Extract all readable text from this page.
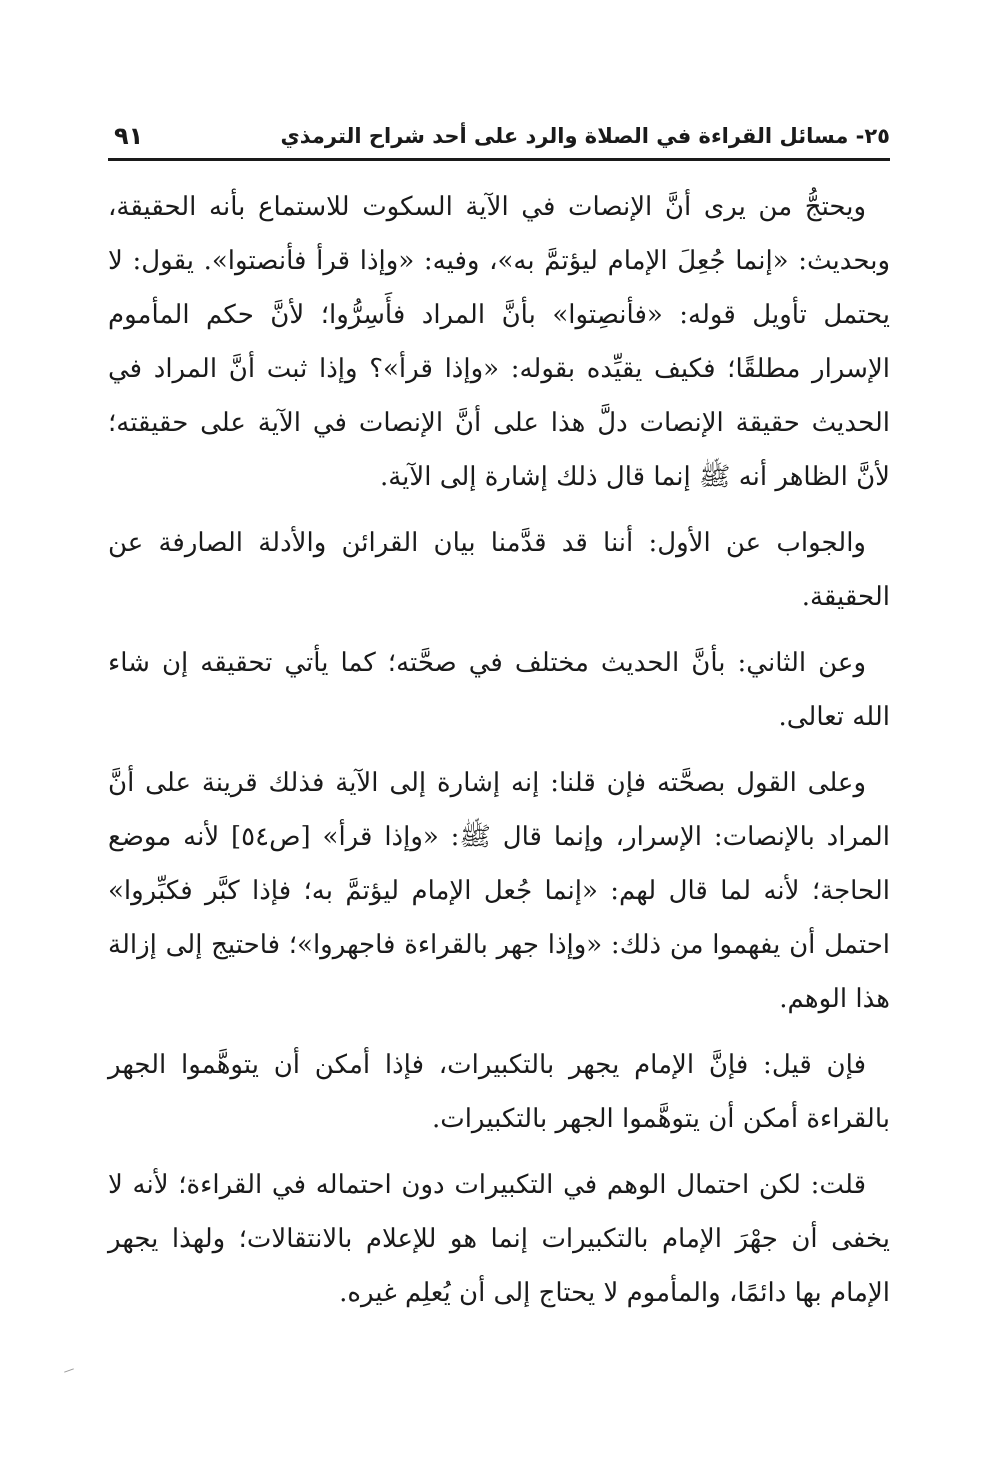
٢٥- مسائل القراءة في الصلاة والرد على أحد شراح الترمذي
٩١

ويحتجُّ من يرى أنَّ الإنصات في الآية السكوت للاستماع بأنه الحقيقة، وبحديث: «إنما جُعِلَ الإمام ليؤتمَّ به»، وفيه: «وإذا قرأ فأنصتوا». يقول: لا يحتمل تأويل قوله: «فأنصِتوا» بأنَّ المراد فأَسِرُّوا؛ لأنَّ حكم المأموم الإسرار مطلقًا؛ فكيف يقيِّده بقوله: «وإذا قرأ»؟ وإذا ثبت أنَّ المراد في الحديث حقيقة الإنصات دلَّ هذا على أنَّ الإنصات في الآية على حقيقته؛ لأنَّ الظاهر أنه ﷺ إنما قال ذلك إشارة إلى الآية.

والجواب عن الأول: أننا قد قدَّمنا بيان القرائن والأدلة الصارفة عن الحقيقة.

وعن الثاني: بأنَّ الحديث مختلف في صحَّته؛ كما يأتي تحقيقه إن شاء الله تعالى.

وعلى القول بصحَّته فإن قلنا: إنه إشارة إلى الآية فذلك قرينة على أنَّ المراد بالإنصات: الإسرار، وإنما قال ﷺ: «وإذا قرأ» [ص٥٤] لأنه موضع الحاجة؛ لأنه لما قال لهم: «إنما جُعل الإمام ليؤتمَّ به؛ فإذا كبَّر فكبِّروا» احتمل أن يفهموا من ذلك: «وإذا جهر بالقراءة فاجهروا»؛ فاحتيج إلى إزالة هذا الوهم.

فإن قيل: فإنَّ الإمام يجهر بالتكبيرات، فإذا أمكن أن يتوهَّموا الجهر بالقراءة أمكن أن يتوهَّموا الجهر بالتكبيرات.

قلت: لكن احتمال الوهم في التكبيرات دون احتماله في القراءة؛ لأنه لا يخفى أن جهْرَ الإمام بالتكبيرات إنما هو للإعلام بالانتقالات؛ ولهذا يجهر الإمام بها دائمًا، والمأموم لا يحتاج إلى أن يُعلِم غيره.
